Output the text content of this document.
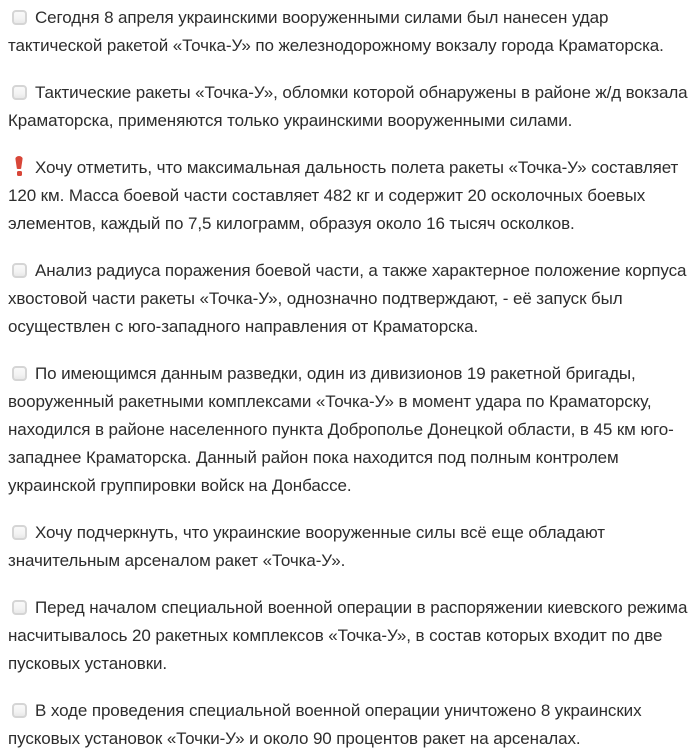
Сегодня 8 апреля украинскими вооруженными силами был нанесен удар тактической ракетой «Точка-У» по железнодорожному вокзалу города Краматорска.

Тактические ракеты «Точка-У», обломки которой обнаружены в районе ж/д вокзала Краматорска, применяются только украинскими вооруженными силами.

Хочу отметить, что максимальная дальность полета ракеты «Точка-У» составляет 120 км. Масса боевой части составляет 482 кг и содержит 20 осколочных боевых элементов, каждый по 7,5 килограмм, образуя около 16 тысяч осколков.

Анализ радиуса поражения боевой части, а также характерное положение корпуса хвостовой части ракеты «Точка-У», однозначно подтверждают, - её запуск был осуществлен с юго-западного направления от Краматорска.

По имеющимся данным разведки, один из дивизионов 19 ракетной бригады, вооруженный ракетными комплексами «Точка-У» в момент удара по Краматорску, находился в районе населенного пункта Доброполье Донецкой области, в 45 км юго-западнее Краматорска. Данный район пока находится под полным контролем украинской группировки войск на Донбассе.

Хочу подчеркнуть, что украинские вооруженные силы всё еще обладают значительным арсеналом ракет «Точка-У».

Перед началом специальной военной операции в распоряжении киевского режима насчитывалось 20 ракетных комплексов «Точка-У», в состав которых входит по две пусковых установки.

В ходе проведения специальной военной операции уничтожено 8 украинских пусковых установок «Точки-У» и около 90 процентов ракет на арсеналах.
